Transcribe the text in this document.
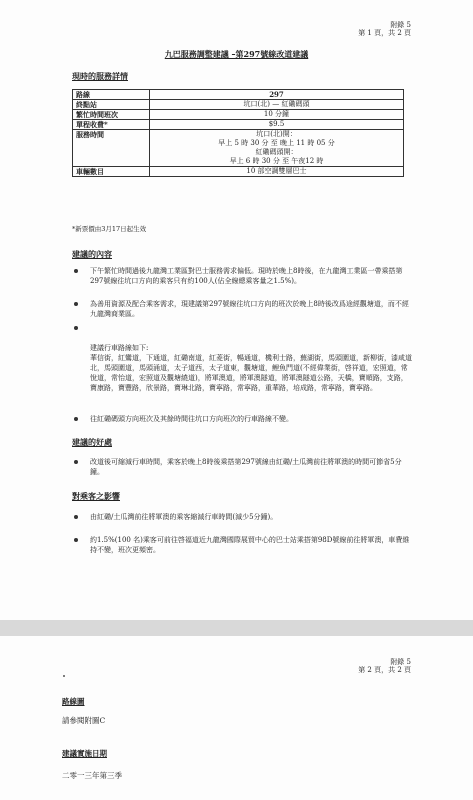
附錄 5
第 1 頁，共 2 頁
九巴服務調整建議 –第297號線改道建議
現時的服務詳情
路線	297
終點站	坑口(北) — 紅磡碼頭
繁忙時間班次	10 分鐘
單程收費*	$9.5
服務時間	坑口(北)開：
早上 5 時 30 分 至 晚上 11 時 05 分
紅磡碼頭開：
早上 6 時 30 分 至 午夜12 時

車輛數目	10 部空調雙層巴士
*新票價由3月17日起生效
建議的內容
下午繁忙時間過後九龍灣工業區對巴士服務需求偏低。現時於晚上8時後，在九龍灣工業區一帶乘搭第297號線往坑口方向的乘客只有約100人(佔全線總乘客量之1.5%)。
為善用資源及配合乘客需求，現建議第297號線往坑口方向的班次於晚上8時後改爲途經觀塘道，而不經九龍灣商業區。

建議行車路線如下:
華信街，紅鸞道，下通道，紅磡南道，紅菱街，暢通道，機利士路，蕪湖街，馬頭圍道，新柳街，漆咸道北，馬頭圍道，馬頭涌道，太子道西，太子道東，觀塘道，鯉魚門道(不經偉業街，啓祥道，宏照道，常悅道，常怡道，宏照道及觀塘繞道)，將軍澳道，將軍澳隧道，將軍澳隧道公路，天橋，寶順路，支路，寶康路，寶豐路，欣景路，寶琳北路，寶寧路，常寧路，重華路，培成路，常寧路，寶寧路。

往紅磡碼頭方向班次及其餘時間往坑口方向班次的行車路線不變。
建議的好處
改道後可縮減行車時間，乘客於晚上8時後乘搭第297號線由紅磡/土瓜灣前往將軍澳的時間可節省5分鐘。
對乘客之影響
由紅磡/土瓜灣前往將軍澳的乘客縮減行車時間(減少5分鐘)。
約1.5%(100 名)乘客可前往啓福道近九龍灣國際展貿中心的巴士站乘搭第98D號線前往將軍澳，車費維持不變，班次更頻密。
附錄 5
第 2 頁，共 2 頁
路線圖
請參閱附圖C
建議實施日期
二零一三年第三季
